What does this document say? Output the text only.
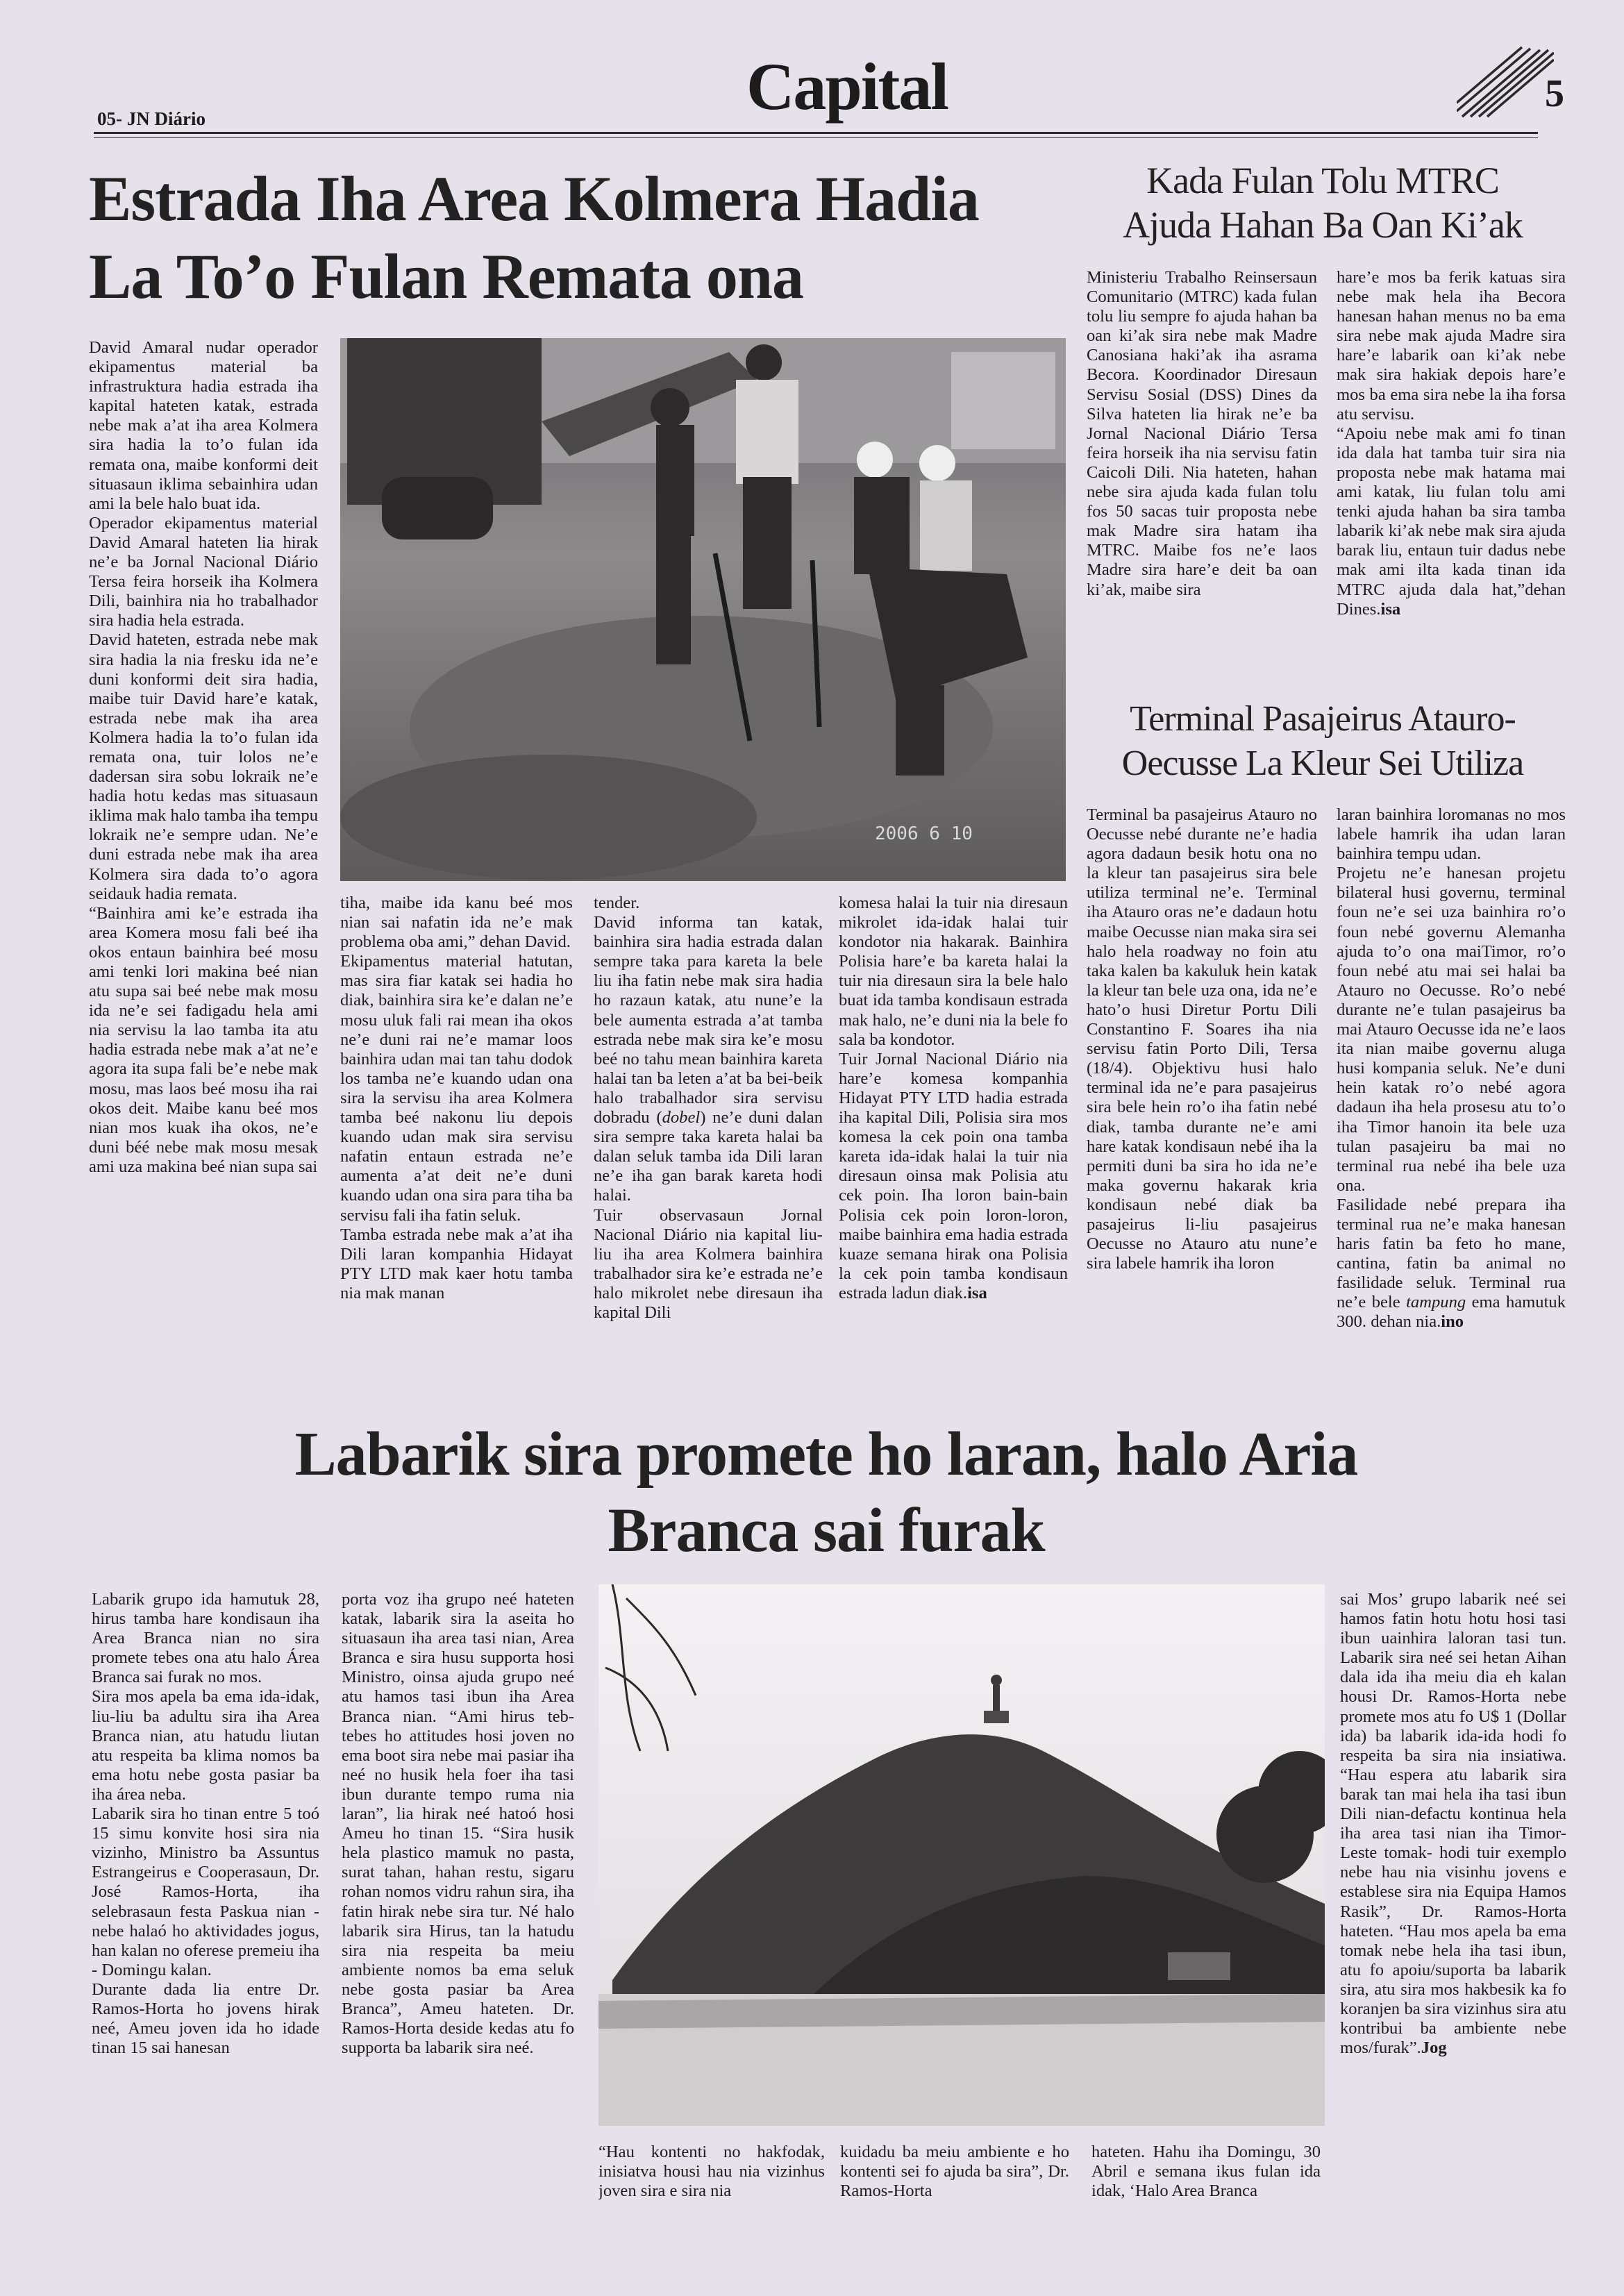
05- JN Diário	Capital	5
Estrada Iha Area Kolmera Hadia
La To’o Fulan Remata ona
2006 6 10

David Amaral nudar operador ekipamentus material ba infrastruktura hadia estrada iha kapital hateten katak, estrada nebe mak a’at iha area Kolmera sira hadia la to’o fulan ida remata ona, maibe konformi deit situasaun iklima sebainhira udan ami la bele halo buat ida.
Operador ekipamentus material David Amaral hateten lia hirak ne’e ba Jornal Nacional Diário Tersa feira horseik iha Kolmera Dili, bainhira nia ho trabalhador sira hadia hela estrada.
David hateten, estrada nebe mak sira hadia la nia fresku ida ne’e duni konformi deit sira hadia, maibe tuir David hare’e katak, estrada nebe mak iha area Kolmera hadia la to’o fulan ida remata ona, tuir lolos ne’e dadersan sira sobu lokraik ne’e hadia hotu kedas mas situasaun iklima mak halo tamba iha tempu lokraik ne’e sempre udan. Ne’e duni estrada nebe mak iha area Kolmera sira dada to’o agora seidauk hadia remata.
“Bainhira ami ke’e estrada iha area Komera mosu fali beé iha okos entaun bainhira beé mosu ami tenki lori makina beé nian atu supa sai beé nebe mak mosu ida ne’e sei fadigadu hela ami nia servisu la lao tamba ita atu hadia estrada nebe mak a’at ne’e agora ita supa fali be’e nebe mak mosu, mas laos beé mosu iha rai okos deit. Maibe kanu beé mos nian mos kuak iha okos, ne’e duni béé nebe mak mosu mesak ami uza makina beé nian supa sai

tiha, maibe ida kanu beé mos nian sai nafatin ida ne’e mak problema oba ami,” dehan David.
Ekipamentus material hatutan, mas sira fiar katak sei hadia ho diak, bainhira sira ke’e dalan ne’e mosu uluk fali rai mean iha okos ne’e duni rai ne’e mamar loos bainhira udan mai tan tahu dodok los tamba ne’e kuando udan ona sira la servisu iha area Kolmera tamba beé nakonu liu depois kuando udan mak sira servisu nafatin entaun estrada ne’e aumenta a’at deit ne’e duni kuando udan ona sira para tiha ba servisu fali iha fatin seluk.
Tamba estrada nebe mak a’at iha Dili laran kompanhia Hidayat PTY LTD mak kaer hotu tamba nia mak manan

tender.
David informa tan katak, bainhira sira hadia estrada dalan sempre taka para kareta la bele liu iha fatin nebe mak sira hadia ho razaun katak, atu nune’e la bele aumenta estrada a’at tamba estrada nebe mak sira ke’e mosu beé no tahu mean bainhira kareta halai tan ba leten a’at ba bei-beik halo trabalhador sira servisu dobradu (dobel) ne’e duni dalan sira sempre taka kareta halai ba dalan seluk tamba ida Dili laran ne’e iha gan barak kareta hodi halai.
Tuir observasaun Jornal Nacional Diário nia kapital liu-liu iha area Kolmera bainhira trabalhador sira ke’e estrada ne’e halo mikrolet nebe diresaun iha kapital Dili

komesa halai la tuir nia diresaun mikrolet ida-idak halai tuir kondotor nia hakarak. Bainhira Polisia hare’e ba kareta halai la tuir nia diresaun sira la bele halo buat ida tamba kondisaun estrada mak halo, ne’e duni nia la bele fo sala ba kondotor.
Tuir Jornal Nacional Diário nia hare’e komesa kompanhia Hidayat PTY LTD hadia estrada iha kapital Dili, Polisia sira mos komesa la cek poin ona tamba kareta ida-idak halai la tuir nia diresaun oinsa mak Polisia atu cek poin. Iha loron bain-bain Polisia cek poin loron-loron, maibe bainhira ema hadia estrada kuaze semana hirak ona Polisia la cek poin tamba kondisaun estrada ladun diak.isa

Kada Fulan Tolu MTRC
Ajuda Hahan Ba Oan Ki’ak

Ministeriu Trabalho Reinsersaun Comunitario (MTRC) kada fulan tolu liu sempre fo ajuda hahan ba oan ki’ak sira nebe mak Madre Canosiana haki’ak iha asrama Becora. Koordinador Diresaun Servisu Sosial (DSS) Dines da Silva hateten lia hirak ne’e ba Jornal Nacional Diário Tersa feira horseik iha nia servisu fatin Caicoli Dili. Nia hateten, hahan nebe sira ajuda kada fulan tolu fos 50 sacas tuir proposta nebe mak Madre sira hatam iha MTRC. Maibe fos ne’e laos Madre sira hare’e deit ba oan ki’ak, maibe sira

hare’e mos ba ferik katuas sira nebe mak hela iha Becora hanesan hahan menus no ba ema sira nebe mak ajuda Madre sira hare’e labarik oan ki’ak nebe mak sira hakiak depois hare’e mos ba ema sira nebe la iha forsa atu servisu.
“Apoiu nebe mak ami fo tinan ida dala hat tamba tuir sira nia proposta nebe mak hatama mai ami katak, liu fulan tolu ami tenki ajuda hahan ba sira tamba labarik ki’ak nebe mak sira ajuda barak liu, entaun tuir dadus nebe mak ami ilta kada tinan ida MTRC ajuda dala hat,”dehan Dines.isa

Terminal Pasajeirus Atauro-
Oecusse La Kleur Sei Utiliza

Terminal ba pasajeirus Atauro no Oecusse nebé durante ne’e hadia agora dadaun besik hotu ona no la kleur tan pasajeirus sira bele utiliza terminal ne’e. Terminal iha Atauro oras ne’e dadaun hotu maibe Oecusse nian maka sira sei halo hela roadway no foin atu taka kalen ba kakuluk hein katak la kleur tan bele uza ona, ida ne’e hato’o husi Diretur Portu Dili Constantino F. Soares iha nia servisu fatin Porto Dili, Tersa (18/4). Objektivu husi halo terminal ida ne’e para pasajeirus sira bele hein ro’o iha fatin nebé diak, tamba durante ne’e ami hare katak kondisaun nebé iha la permiti duni ba sira ho ida ne’e maka governu hakarak kria kondisaun nebé diak ba pasajeirus li-liu pasajeirus Oecusse no Atauro atu nune’e sira labele hamrik iha loron

laran bainhira loromanas no mos labele hamrik iha udan laran bainhira tempu udan.
Projetu ne’e hanesan projetu bilateral husi governu, terminal foun ne’e sei uza bainhira ro’o foun nebé governu Alemanha ajuda to’o ona maiTimor, ro’o foun nebé atu mai sei halai ba Atauro no Oecusse. Ro’o nebé durante ne’e tulan pasajeirus ba mai Atauro Oecusse ida ne’e laos ita nian maibe governu aluga husi kompania seluk. Ne’e duni hein katak ro’o nebé agora dadaun iha hela prosesu atu to’o iha Timor hanoin ita bele uza tulan pasajeiru ba mai no terminal rua nebé iha bele uza ona.
Fasilidade nebé prepara iha terminal rua ne’e maka hanesan haris fatin ba feto ho mane, cantina, fatin ba animal no fasilidade seluk. Terminal rua ne’e bele tampung ema hamutuk 300. dehan nia.ino

Labarik sira promete ho laran, halo Aria
Branca sai furak

Labarik grupo ida hamutuk 28, hirus tamba hare kondisaun iha Area Branca nian no sira promete tebes ona atu halo Área Branca sai furak no mos.
Sira mos apela ba ema ida-idak, liu-liu ba adultu sira iha Area Branca nian, atu hatudu liutan atu respeita ba klima nomos ba ema hotu nebe gosta pasiar ba iha área neba.
Labarik sira ho tinan entre 5 toó 15 simu konvite hosi sira nia vizinho, Ministro ba Assuntus Estrangeirus e Cooperasaun, Dr. José Ramos-Horta, iha selebrasaun festa Paskua nian -nebe halaó ho aktividades jogus, han kalan no oferese premeiu iha - Domingu kalan.
Durante dada lia entre Dr. Ramos-Horta ho jovens hirak neé, Ameu joven ida ho idade tinan 15 sai hanesan

porta voz iha grupo neé hateten katak, labarik sira la aseita ho situasaun iha area tasi nian, Area Branca e sira husu supporta hosi Ministro, oinsa ajuda grupo neé atu hamos tasi ibun iha Area Branca nian. “Ami hirus teb-tebes ho attitudes hosi joven no ema boot sira nebe mai pasiar iha neé no husik hela foer iha tasi ibun durante tempo ruma nia laran”, lia hirak neé hatoó hosi Ameu ho tinan 15. “Sira husik hela plastico mamuk no pasta, surat tahan, hahan restu, sigaru rohan nomos vidru rahun sira, iha fatin hirak nebe sira tur. Né halo labarik sira Hirus, tan la hatudu sira nia respeita ba meiu ambiente nomos ba ema seluk nebe gosta pasiar ba Area Branca”, Ameu hateten. Dr. Ramos-Horta deside kedas atu fo supporta ba labarik sira neé.

“Hau kontenti no hakfodak, inisiatva housi hau nia vizinhus joven sira e sira nia

kuidadu ba meiu ambiente e ho kontenti sei fo ajuda ba sira”, Dr. Ramos-Horta

hateten. Hahu iha Domingu, 30 Abril e semana ikus fulan ida idak, ‘Halo Area Branca

sai Mos’ grupo labarik neé sei hamos fatin hotu hotu hosi tasi ibun uainhira laloran tasi tun. Labarik sira neé sei hetan Aihan dala ida iha meiu dia eh kalan housi Dr. Ramos-Horta nebe promete mos atu fo U$ 1 (Dollar ida) ba labarik ida-ida hodi fo respeita ba sira nia insiatiwa. “Hau espera atu labarik sira barak tan mai hela iha tasi ibun Dili nian-defactu kontinua hela iha area tasi nian iha Timor-Leste tomak- hodi tuir exemplo nebe hau nia visinhu jovens e establese sira nia Equipa Hamos Rasik”, Dr. Ramos-Horta hateten. “Hau mos apela ba ema tomak nebe hela iha tasi ibun, atu fo apoiu/suporta ba labarik sira, atu sira mos hakbesik ka fo koranjen ba sira vizinhus sira atu kontribui ba ambiente nebe mos/furak”.Jog
